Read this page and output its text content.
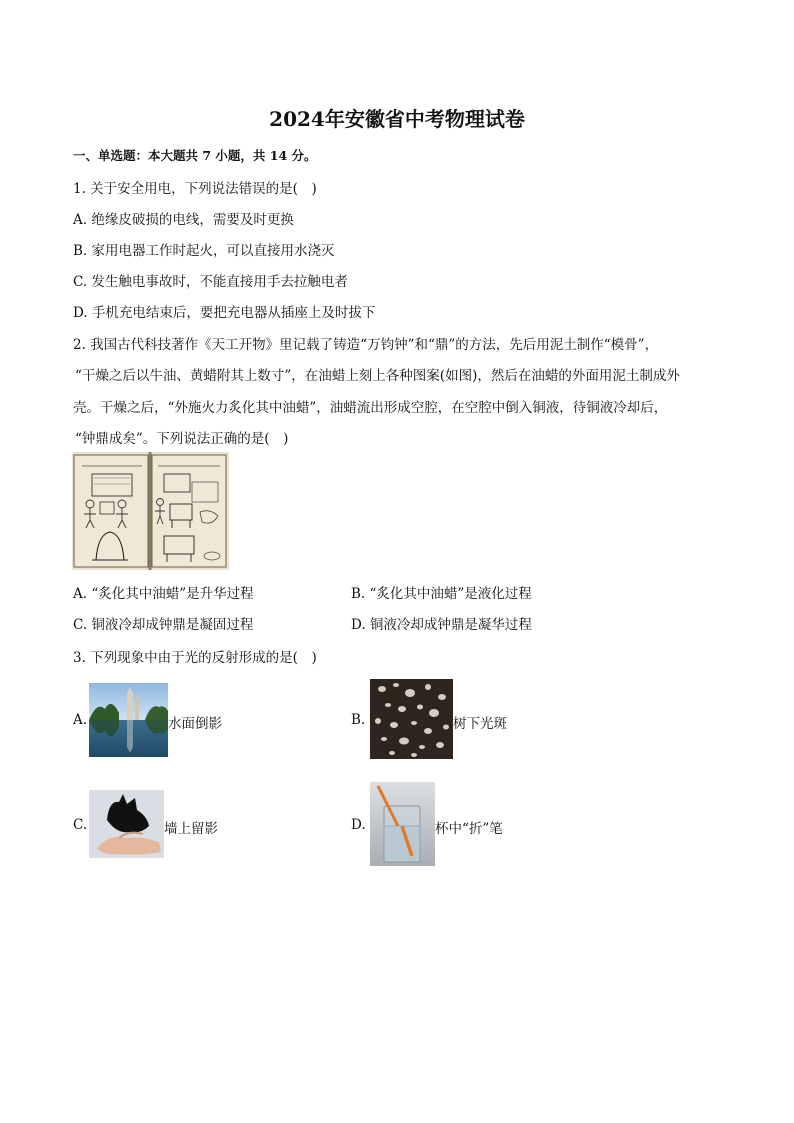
2024年安徽省中考物理试卷
一、单选题：本大题共 7 小题，共 14 分。
1. 关于安全用电，下列说法错误的是(　)
A. 绝缘皮破损的电线，需要及时更换
B. 家用电器工作时起火，可以直接用水浇灭
C. 发生触电事故时，不能直接用手去拉触电者
D. 手机充电结束后，要把充电器从插座上及时拔下
2. 我国古代科技著作《天工开物》里记载了铸造“万钧钟”和“鼎”的方法，先后用泥土制作“模骨”，
“干燥之后以牛油、黄蜡附其上数寸”，在油蜡上刻上各种图案(如图)，然后在油蜡的外面用泥土制成外
壳。干燥之后，“外施火力炙化其中油蜡”，油蜡流出形成空腔，在空腔中倒入铜液，待铜液冷却后，
“钟鼎成矣”。下列说法正确的是(　)
A. “炙化其中油蜡”是升华过程	B. “炙化其中油蜡”是液化过程
C. 铜液冷却成钟鼎是凝固过程	D. 铜液冷却成钟鼎是凝华过程
3. 下列现象中由于光的反射形成的是(　)
A.	水面倒影	B.	树下光斑
C.	墙上留影	D.	杯中“折”笔
